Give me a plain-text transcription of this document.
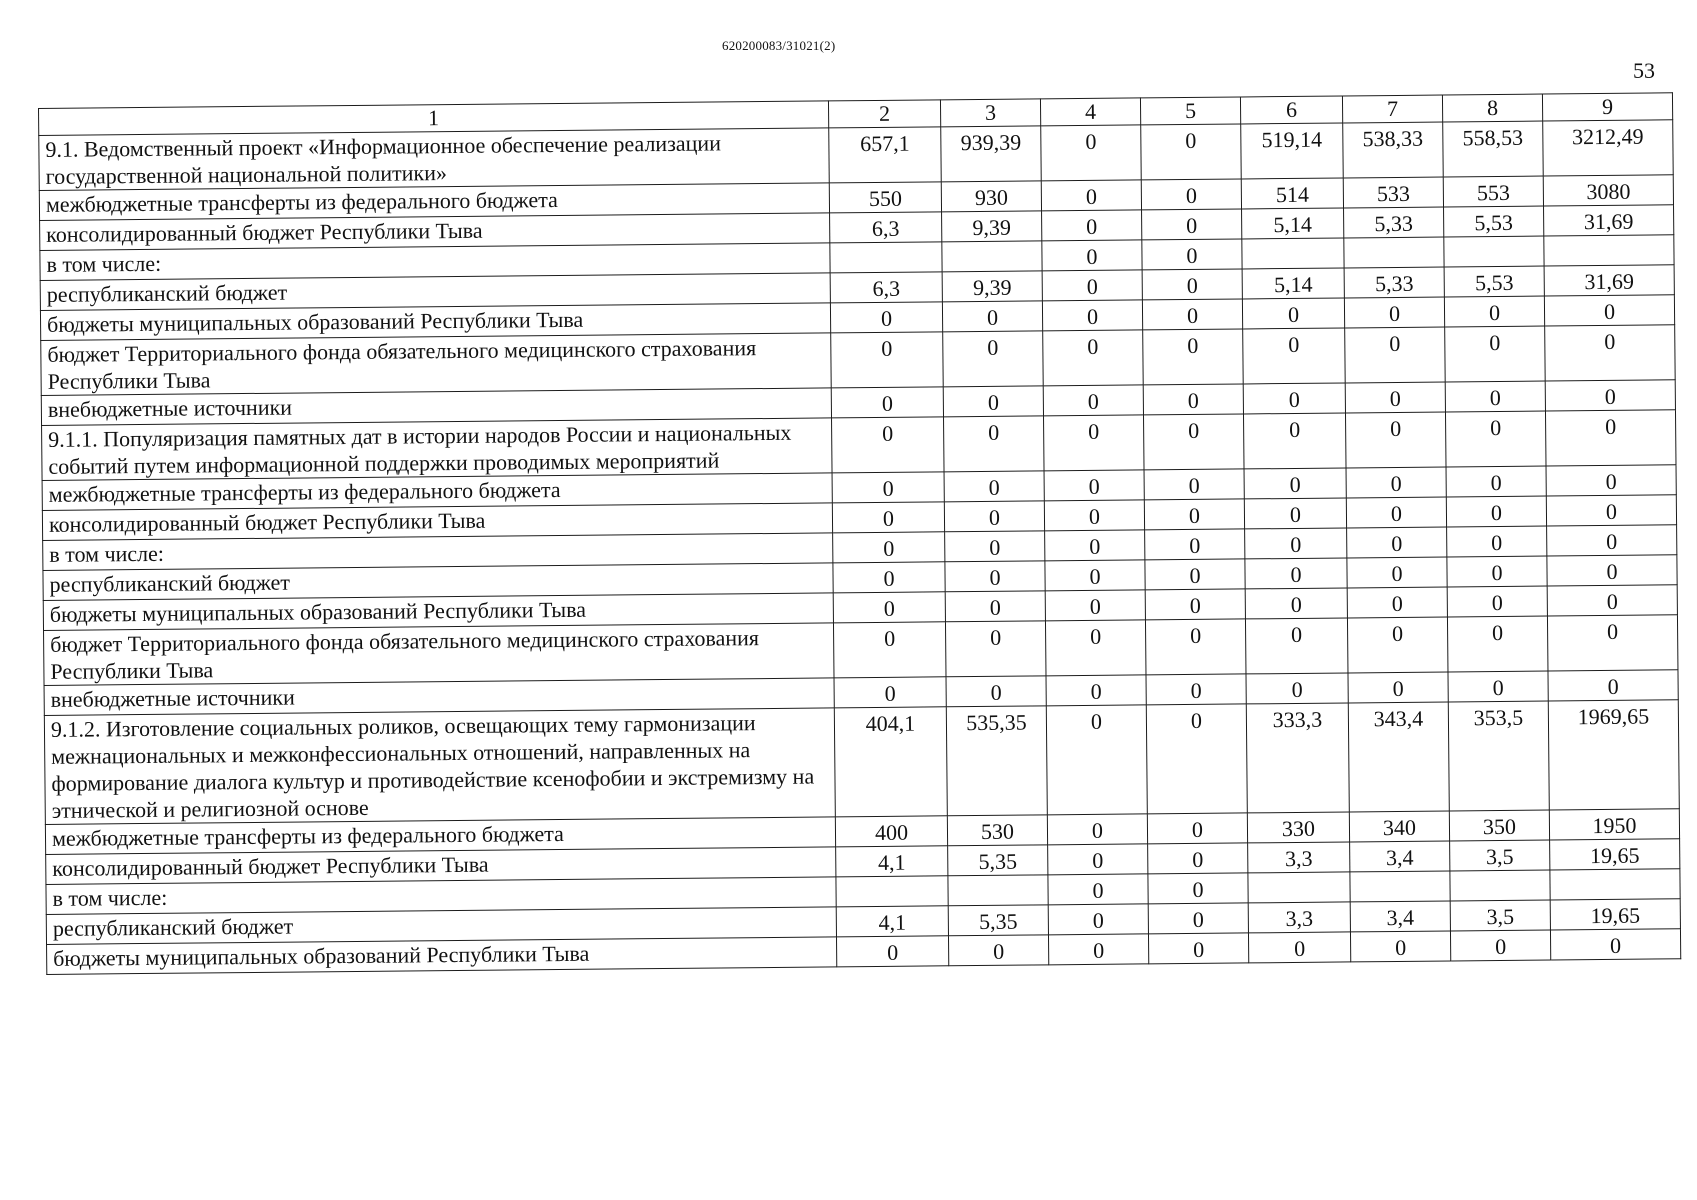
620200083/31021(2)
53
1	2	3	4	5	6	7	8	9
9.1. Ведомственный проект «Информационное обеспечение реализации государственной национальной политики»	657,1	939,39	0	0	519,14	538,33	558,53	3212,49
межбюджетные трансферты из федерального бюджета	550	930	0	0	514	533	553	3080
консолидированный бюджет Республики Тыва	6,3	9,39	0	0	5,14	5,33	5,53	31,69
в том числе:			0	0				
республиканский бюджет	6,3	9,39	0	0	5,14	5,33	5,53	31,69
бюджеты муниципальных образований Республики Тыва	0	0	0	0	0	0	0	0
бюджет Территориального фонда обязательного медицинского страхования Республики Тыва	0	0	0	0	0	0	0	0
внебюджетные источники	0	0	0	0	0	0	0	0
9.1.1. Популяризация памятных дат в истории народов России и национальных событий путем информационной поддержки проводимых мероприятий	0	0	0	0	0	0	0	0
межбюджетные трансферты из федерального бюджета	0	0	0	0	0	0	0	0
консолидированный бюджет Республики Тыва	0	0	0	0	0	0	0	0
в том числе:	0	0	0	0	0	0	0	0
республиканский бюджет	0	0	0	0	0	0	0	0
бюджеты муниципальных образований Республики Тыва	0	0	0	0	0	0	0	0
бюджет Территориального фонда обязательного медицинского страхования Республики Тыва	0	0	0	0	0	0	0	0
внебюджетные источники	0	0	0	0	0	0	0	0
9.1.2. Изготовление социальных роликов, освещающих тему гармонизации межнациональных и межконфессиональных отношений, направленных на формирование диалога культур и противодействие ксенофобии и экстремизму на этнической и религиозной основе	404,1	535,35	0	0	333,3	343,4	353,5	1969,65
межбюджетные трансферты из федерального бюджета	400	530	0	0	330	340	350	1950
консолидированный бюджет Республики Тыва	4,1	5,35	0	0	3,3	3,4	3,5	19,65
в том числе:			0	0				
республиканский бюджет	4,1	5,35	0	0	3,3	3,4	3,5	19,65
бюджеты муниципальных образований Республики Тыва	0	0	0	0	0	0	0	0
